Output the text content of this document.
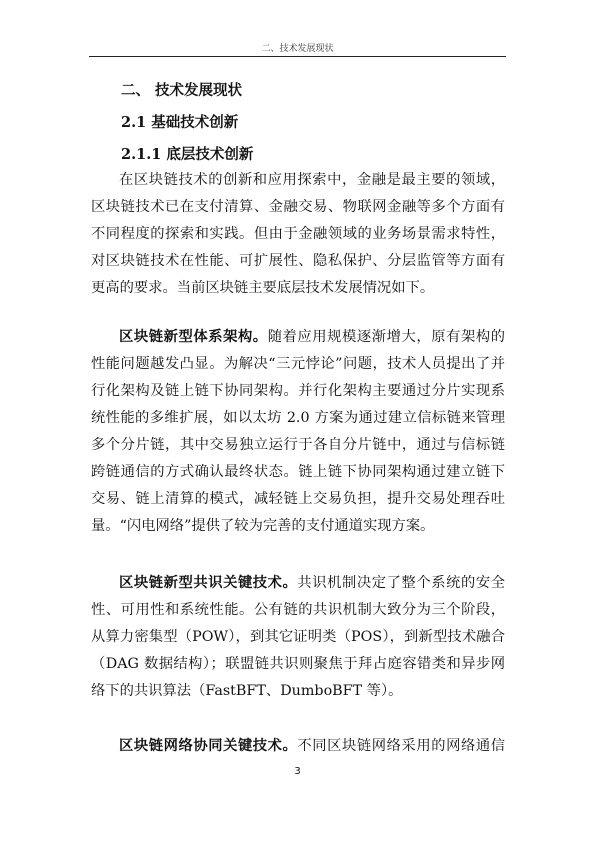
二、技术发展现状
二、 技术发展现状
2.1 基础技术创新
2.1.1 底层技术创新
在区块链技术的创新和应用探索中，金融是最主要的领域，
区块链技术已在支付清算、金融交易、物联网金融等多个方面有
不同程度的探索和实践。但由于金融领域的业务场景需求特性，
对区块链技术在性能、可扩展性、隐私保护、分层监管等方面有
更高的要求。当前区块链主要底层技术发展情况如下。
区块链新型体系架构。随着应用规模逐渐增大，原有架构的
性能问题越发凸显。为解决“三元悖论”问题，技术人员提出了并
行化架构及链上链下协同架构。并行化架构主要通过分片实现系
统性能的多维扩展，如以太坊 2.0 方案为通过建立信标链来管理
多个分片链，其中交易独立运行于各自分片链中，通过与信标链
跨链通信的方式确认最终状态。链上链下协同架构通过建立链下
交易、链上清算的模式，减轻链上交易负担，提升交易处理吞吐
量。“闪电网络”提供了较为完善的支付通道实现方案。
区块链新型共识关键技术。共识机制决定了整个系统的安全
性、可用性和系统性能。公有链的共识机制大致分为三个阶段，
从算力密集型（POW），到其它证明类（POS），到新型技术融合
（DAG 数据结构）；联盟链共识则聚焦于拜占庭容错类和异步网
络下的共识算法（FastBFT、DumboBFT 等）。
区块链网络协同关键技术。不同区块链网络采用的网络通信
3
